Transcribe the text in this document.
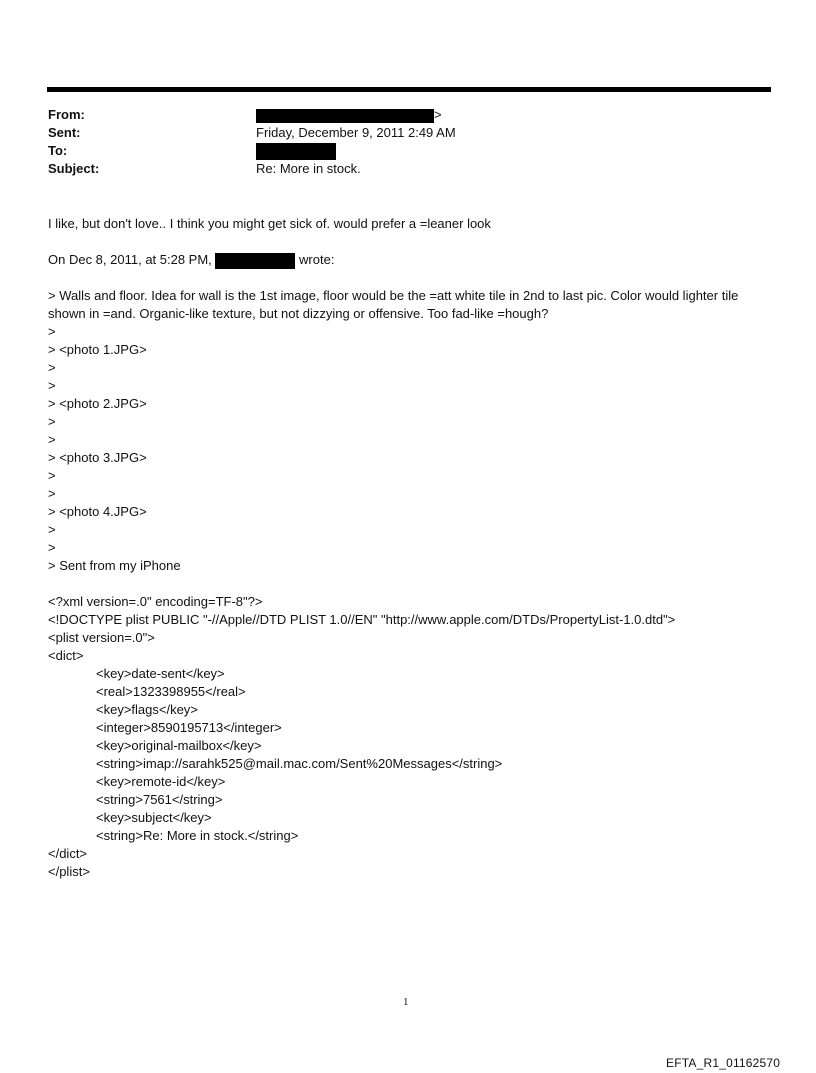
From:	>
Sent:	Friday, December 9, 2011 2:49 AM
To:
Subject:	Re: More in stock.

I like, but don't love.. I think you might get sick of. would prefer a =leaner look

On Dec 8, 2011, at 5:28 PM,	wrote:

> Walls and floor. Idea for wall is the 1st image, floor would be the =att white tile in 2nd to last pic. Color would lighter tile shown in =and. Organic-like texture, but not dizzying or offensive. Too fad-like =hough?

>

> <photo 1.JPG>

>

>

> <photo 2.JPG>

>

>

> <photo 3.JPG>

>

>

> <photo 4.JPG>

>

>

> Sent from my iPhone

<?xml version=.0" encoding=TF-8"?>

<!DOCTYPE plist PUBLIC "-//Apple//DTD PLIST 1.0//EN" "http://www.apple.com/DTDs/PropertyList-1.0.dtd">

<plist version=.0">

<dict>

<key>date-sent</key>

<real>1323398955</real>

<key>flags</key>

<integer>8590195713</integer>

<key>original-mailbox</key>

<string>imap://sarahk525@mail.mac.com/Sent%20Messages</string>

<key>remote-id</key>

<string>7561</string>

<key>subject</key>

<string>Re: More in stock.</string>

</dict>

</plist>

1
EFTA_R1_01162570
